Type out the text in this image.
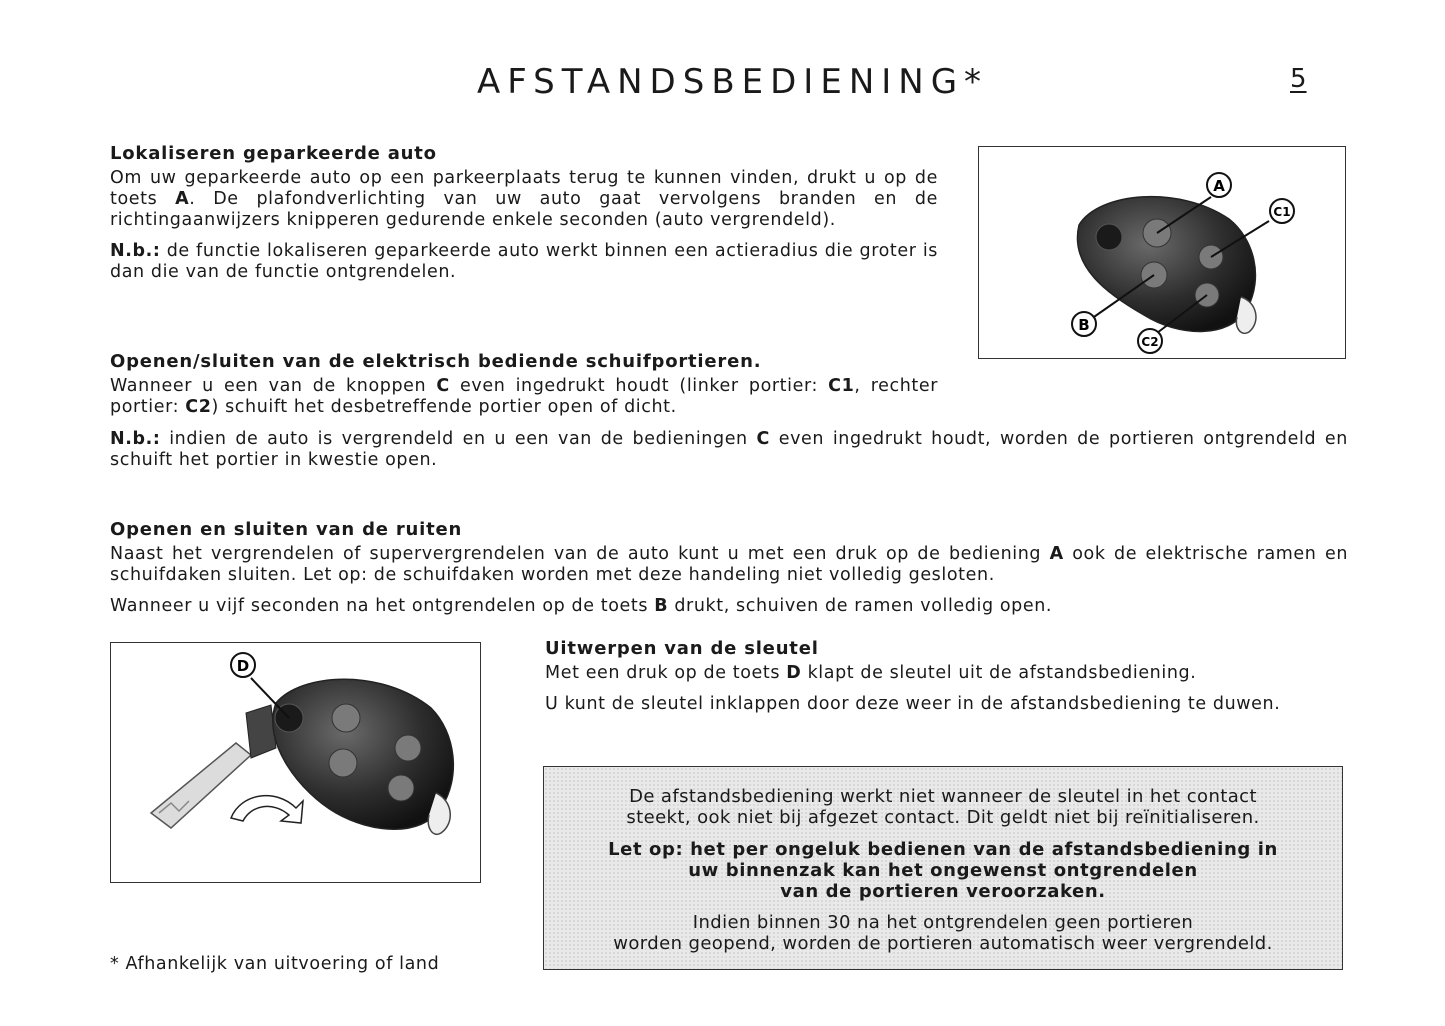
AFSTANDSBEDIENING*	5

Lokaliseren geparkeerde auto

Om uw geparkeerde auto op een parkeerplaats terug te kunnen vinden, drukt u op de toets A. De plafondverlichting van uw auto gaat vervolgens branden en de richtingaanwijzers knipperen gedurende enkele seconden (auto vergrendeld).

N.b.: de functie lokaliseren geparkeerde auto werkt binnen een actieradius die groter is dan die van de functie ontgrendelen.

A
C1
B
C2

Openen/sluiten van de elektrisch bediende schuifportieren.

Wanneer u een van de knoppen C even ingedrukt houdt (linker portier: C1, rechter portier: C2) schuift het desbetreffende portier open of dicht.

N.b.: indien de auto is vergrendeld en u een van de bedieningen C even ingedrukt houdt, worden de portieren ontgrendeld en schuift het portier in kwestie open.

Openen en sluiten van de ruiten

Naast het vergrendelen of supervergrendelen van de auto kunt u met een druk op de bediening A ook de elektrische ramen en schuifdaken sluiten. Let op: de schuifdaken worden met deze handeling niet volledig gesloten.

Wanneer u vijf seconden na het ontgrendelen op de toets B drukt, schuiven de ramen volledig open.

D

Uitwerpen van de sleutel

Met een druk op de toets D klapt de sleutel uit de afstandsbediening.

U kunt de sleutel inklappen door deze weer in de afstandsbediening te duwen.

De afstandsbediening werkt niet wanneer de sleutel in het contact

steekt, ook niet bij afgezet contact. Dit geldt niet bij reïnitialiseren.

Let op: het per ongeluk bedienen van de afstandsbediening in

uw binnenzak kan het ongewenst ontgrendelen

van de portieren veroorzaken.

Indien binnen 30 na het ontgrendelen geen portieren

worden geopend, worden de portieren automatisch weer vergrendeld.

* Afhankelijk van uitvoering of land
